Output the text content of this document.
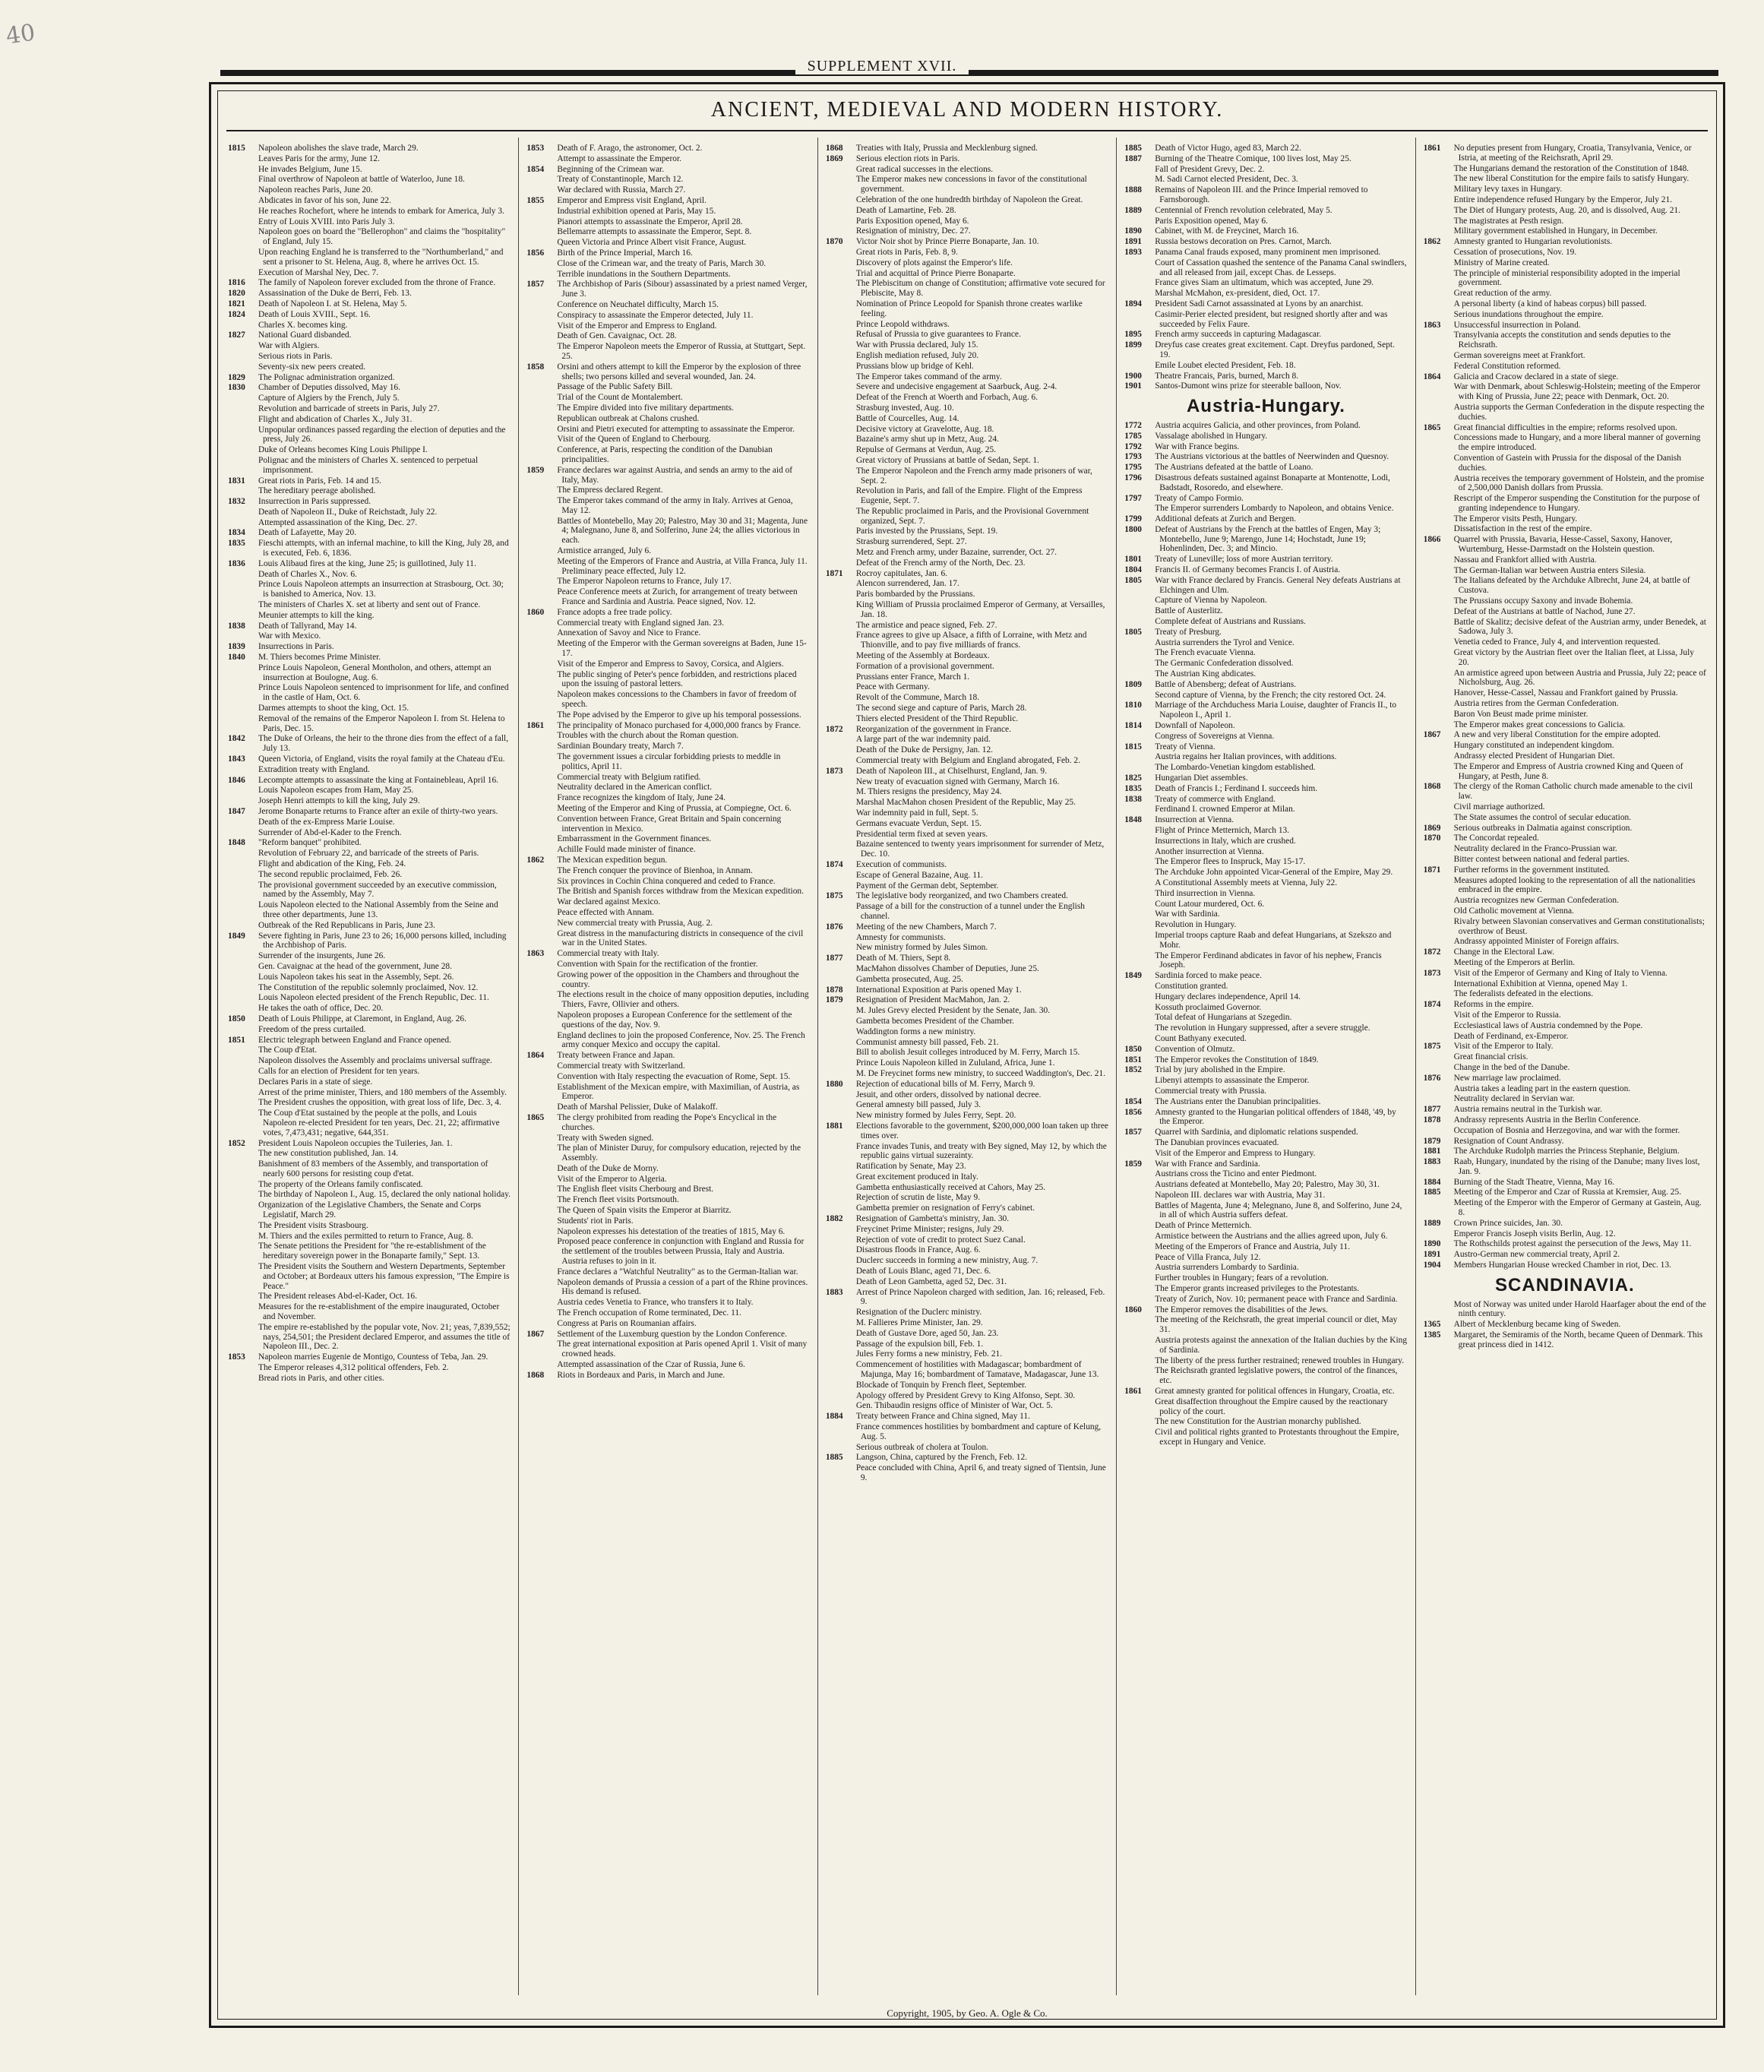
40
SUPPLEMENT XVII.
ANCIENT, MEDIEVAL AND MODERN HISTORY.
1815	Napoleon abolishes the slave trade, March 29.
Leaves Paris for the army, June 12.
He invades Belgium, June 15.
Final overthrow of Napoleon at battle of Waterloo, June 18.
Napoleon reaches Paris, June 20.
Abdicates in favor of his son, June 22.
He reaches Rochefort, where he intends to embark for America, July 3.
Entry of Louis XVIII. into Paris July 3.
Napoleon goes on board the "Bellerophon" and claims the "hospitality" of England, July 15.
Upon reaching England he is transferred to the "Northumberland," and sent a prisoner to St. Helena, Aug. 8, where he arrives Oct. 15.
Execution of Marshal Ney, Dec. 7.
1816	The family of Napoleon forever excluded from the throne of France.
1820	Assassination of the Duke de Berri, Feb. 13.
1821	Death of Napoleon I. at St. Helena, May 5.
1824	Death of Louis XVIII., Sept. 16.
Charles X. becomes king.
1827	National Guard disbanded.
War with Algiers.
Serious riots in Paris.
Seventy-six new peers created.
1829	The Polignac administration organized.
1830	Chamber of Deputies dissolved, May 16.
Capture of Algiers by the French, July 5.
Revolution and barricade of streets in Paris, July 27.
Flight and abdication of Charles X., July 31.
Unpopular ordinances passed regarding the election of deputies and the press, July 26.
Duke of Orleans becomes King Louis Philippe I.
Polignac and the ministers of Charles X. sentenced to perpetual imprisonment.
1831	Great riots in Paris, Feb. 14 and 15.
The hereditary peerage abolished.
1832	Insurrection in Paris suppressed.
Death of Napoleon II., Duke of Reichstadt, July 22.
Attempted assassination of the King, Dec. 27.
1834	Death of Lafayette, May 20.
1835	Fieschi attempts, with an infernal machine, to kill the King, July 28, and is executed, Feb. 6, 1836.
1836	Louis Alibaud fires at the king, June 25; is guillotined, July 11.
Death of Charles X., Nov. 6.
Prince Louis Napoleon attempts an insurrection at Strasbourg, Oct. 30; is banished to America, Nov. 13.
The ministers of Charles X. set at liberty and sent out of France.
Meunier attempts to kill the king.
1838	Death of Tallyrand, May 14.
War with Mexico.
1839	Insurrections in Paris.
1840	M. Thiers becomes Prime Minister.
Prince Louis Napoleon, General Montholon, and others, attempt an insurrection at Boulogne, Aug. 6.
Prince Louis Napoleon sentenced to imprisonment for life, and confined in the castle of Ham, Oct. 6.
Darmes attempts to shoot the king, Oct. 15.
Removal of the remains of the Emperor Napoleon I. from St. Helena to Paris, Dec. 15.
1842	The Duke of Orleans, the heir to the throne dies from the effect of a fall, July 13.
1843	Queen Victoria, of England, visits the royal family at the Chateau d'Eu.
Extradition treaty with England.
1846	Lecompte attempts to assassinate the king at Fontainebleau, April 16.
Louis Napoleon escapes from Ham, May 25.
Joseph Henri attempts to kill the king, July 29.
1847	Jerome Bonaparte returns to France after an exile of thirty-two years.
Death of the ex-Empress Marie Louise.
Surrender of Abd-el-Kader to the French.
1848	"Reform banquet" prohibited.
Revolution of February 22, and barricade of the streets of Paris.
Flight and abdication of the King, Feb. 24.
The second republic proclaimed, Feb. 26.
The provisional government succeeded by an executive commission, named by the Assembly, May 7.
Louis Napoleon elected to the National Assembly from the Seine and three other departments, June 13.
Outbreak of the Red Republicans in Paris, June 23.
1849	Severe fighting in Paris, June 23 to 26; 16,000 persons killed, including the Archbishop of Paris.
Surrender of the insurgents, June 26.
Gen. Cavaignac at the head of the government, June 28.
Louis Napoleon takes his seat in the Assembly, Sept. 26.
The Constitution of the republic solemnly proclaimed, Nov. 12.
Louis Napoleon elected president of the French Republic, Dec. 11.
He takes the oath of office, Dec. 20.
1850	Death of Louis Philippe, at Claremont, in England, Aug. 26.
Freedom of the press curtailed.
1851	Electric telegraph between England and France opened.
The Coup d'Etat.
Napoleon dissolves the Assembly and proclaims universal suffrage.
Calls for an election of President for ten years.
Declares Paris in a state of siege.
Arrest of the prime minister, Thiers, and 180 members of the Assembly.
The President crushes the opposition, with great loss of life, Dec. 3, 4.
The Coup d'Etat sustained by the people at the polls, and Louis Napoleon re-elected President for ten years, Dec. 21, 22; affirmative votes, 7,473,431; negative, 644,351.
1852	President Louis Napoleon occupies the Tuileries, Jan. 1.
The new constitution published, Jan. 14.
Banishment of 83 members of the Assembly, and transportation of nearly 600 persons for resisting coup d'etat.
The property of the Orleans family confiscated.
The birthday of Napoleon I., Aug. 15, declared the only national holiday.
Organization of the Legislative Chambers, the Senate and Corps Legislatif, March 29.
The President visits Strasbourg.
M. Thiers and the exiles permitted to return to France, Aug. 8.
The Senate petitions the President for "the re-establishment of the hereditary sovereign power in the Bonaparte family," Sept. 13.
The President visits the Southern and Western Departments, September and October; at Bordeaux utters his famous expression, "The Empire is Peace."
The President releases Abd-el-Kader, Oct. 16.
Measures for the re-establishment of the empire inaugurated, October and November.
The empire re-established by the popular vote, Nov. 21; yeas, 7,839,552; nays, 254,501; the President declared Emperor, and assumes the title of Napoleon III., Dec. 2.
1853	Napoleon marries Eugenie de Montigo, Countess of Teba, Jan. 29.
The Emperor releases 4,312 political offenders, Feb. 2.
Bread riots in Paris, and other cities.
1853	Death of F. Arago, the astronomer, Oct. 2.
Attempt to assassinate the Emperor.
1854	Beginning of the Crimean war.
Treaty of Constantinople, March 12.
War declared with Russia, March 27.
1855	Emperor and Empress visit England, April.
Industrial exhibition opened at Paris, May 15.
Pianori attempts to assassinate the Emperor, April 28.
Bellemarre attempts to assassinate the Emperor, Sept. 8.
Queen Victoria and Prince Albert visit France, August.
1856	Birth of the Prince Imperial, March 16.
Close of the Crimean war, and the treaty of Paris, March 30.
Terrible inundations in the Southern Departments.
1857	The Archbishop of Paris (Sibour) assassinated by a priest named Verger, June 3.
Conference on Neuchatel difficulty, March 15.
Conspiracy to assassinate the Emperor detected, July 11.
Visit of the Emperor and Empress to England.
Death of Gen. Cavaignac, Oct. 28.
The Emperor Napoleon meets the Emperor of Russia, at Stuttgart, Sept. 25.
1858	Orsini and others attempt to kill the Emperor by the explosion of three shells; two persons killed and several wounded, Jan. 24.
Passage of the Public Safety Bill.
Trial of the Count de Montalembert.
The Empire divided into five military departments.
Republican outbreak at Chalons crushed.
Orsini and Pietri executed for attempting to assassinate the Emperor.
Visit of the Queen of England to Cherbourg.
Conference, at Paris, respecting the condition of the Danubian principalities.
1859	France declares war against Austria, and sends an army to the aid of Italy, May.
The Empress declared Regent.
The Emperor takes command of the army in Italy. Arrives at Genoa, May 12.
Battles of Montebello, May 20; Palestro, May 30 and 31; Magenta, June 4; Malegnano, June 8, and Solferino, June 24; the allies victorious in each.
Armistice arranged, July 6.
Meeting of the Emperors of France and Austria, at Villa Franca, July 11. Preliminary peace effected, July 12.
The Emperor Napoleon returns to France, July 17.
Peace Conference meets at Zurich, for arrangement of treaty between France and Sardinia and Austria. Peace signed, Nov. 12.
1860	France adopts a free trade policy.
Commercial treaty with England signed Jan. 23.
Annexation of Savoy and Nice to France.
Meeting of the Emperor with the German sovereigns at Baden, June 15-17.
Visit of the Emperor and Empress to Savoy, Corsica, and Algiers.
The public singing of Peter's pence forbidden, and restrictions placed upon the issuing of pastoral letters.
Napoleon makes concessions to the Chambers in favor of freedom of speech.
The Pope advised by the Emperor to give up his temporal possessions.
1861	The principality of Monaco purchased for 4,000,000 francs by France.
Troubles with the church about the Roman question.
Sardinian Boundary treaty, March 7.
The government issues a circular forbidding priests to meddle in politics, April 11.
Commercial treaty with Belgium ratified.
Neutrality declared in the American conflict.
France recognizes the kingdom of Italy, June 24.
Meeting of the Emperor and King of Prussia, at Compiegne, Oct. 6.
Convention between France, Great Britain and Spain concerning intervention in Mexico.
Embarrassment in the Government finances.
Achille Fould made minister of finance.
1862	The Mexican expedition begun.
The French conquer the province of Bienhoa, in Annam.
Six provinces in Cochin China conquered and ceded to France.
The British and Spanish forces withdraw from the Mexican expedition.
War declared against Mexico.
Peace effected with Annam.
New commercial treaty with Prussia, Aug. 2.
Great distress in the manufacturing districts in consequence of the civil war in the United States.
1863	Commercial treaty with Italy.
Convention with Spain for the rectification of the frontier.
Growing power of the opposition in the Chambers and throughout the country.
The elections result in the choice of many opposition deputies, including Thiers, Favre, Ollivier and others.
Napoleon proposes a European Conference for the settlement of the questions of the day, Nov. 9.
England declines to join the proposed Conference, Nov. 25. The French army conquer Mexico and occupy the capital.
1864	Treaty between France and Japan.
Commercial treaty with Switzerland.
Convention with Italy respecting the evacuation of Rome, Sept. 15.
Establishment of the Mexican empire, with Maximilian, of Austria, as Emperor.
Death of Marshal Pelissier, Duke of Malakoff.
1865	The clergy prohibited from reading the Pope's Encyclical in the churches.
Treaty with Sweden signed.
The plan of Minister Duruy, for compulsory education, rejected by the Assembly.
Death of the Duke de Morny.
Visit of the Emperor to Algeria.
The English fleet visits Cherbourg and Brest.
The French fleet visits Portsmouth.
The Queen of Spain visits the Emperor at Biarritz.
Students' riot in Paris.
Napoleon expresses his detestation of the treaties of 1815, May 6.
Proposed peace conference in conjunction with England and Russia for the settlement of the troubles between Prussia, Italy and Austria. Austria refuses to join in it.
France declares a "Watchful Neutrality" as to the German-Italian war.
Napoleon demands of Prussia a cession of a part of the Rhine provinces. His demand is refused.
Austria cedes Venetia to France, who transfers it to Italy.
The French occupation of Rome terminated, Dec. 11.
Congress at Paris on Roumanian affairs.
1867	Settlement of the Luxemburg question by the London Conference.
The great international exposition at Paris opened April 1. Visit of many crowned heads.
Attempted assassination of the Czar of Russia, June 6.
1868	Riots in Bordeaux and Paris, in March and June.
1868	Treaties with Italy, Prussia and Mecklenburg signed.
1869	Serious election riots in Paris.
Great radical successes in the elections.
The Emperor makes new concessions in favor of the constitutional government.
Celebration of the one hundredth birthday of Napoleon the Great.
Death of Lamartine, Feb. 28.
Paris Exposition opened, May 6.
Resignation of ministry, Dec. 27.
1870	Victor Noir shot by Prince Pierre Bonaparte, Jan. 10.
Great riots in Paris, Feb. 8, 9.
Discovery of plots against the Emperor's life.
Trial and acquittal of Prince Pierre Bonaparte.
The Plebiscitum on change of Constitution; affirmative vote secured for Plebiscite, May 8.
Nomination of Prince Leopold for Spanish throne creates warlike feeling.
Prince Leopold withdraws.
Refusal of Prussia to give guarantees to France.
War with Prussia declared, July 15.
English mediation refused, July 20.
Prussians blow up bridge of Kehl.
The Emperor takes command of the army.
Severe and undecisive engagement at Saarbuck, Aug. 2-4.
Defeat of the French at Woerth and Forbach, Aug. 6.
Strasburg invested, Aug. 10.
Battle of Courcelles, Aug. 14.
Decisive victory at Gravelotte, Aug. 18.
Bazaine's army shut up in Metz, Aug. 24.
Repulse of Germans at Verdun, Aug. 25.
Great victory of Prussians at battle of Sedan, Sept. 1.
The Emperor Napoleon and the French army made prisoners of war, Sept. 2.
Revolution in Paris, and fall of the Empire. Flight of the Empress Eugenie, Sept. 7.
The Republic proclaimed in Paris, and the Provisional Government organized, Sept. 7.
Paris invested by the Prussians, Sept. 19.
Strasburg surrendered, Sept. 27.
Metz and French army, under Bazaine, surrender, Oct. 27.
Defeat of the French army of the North, Dec. 23.
1871	Rocroy capitulates, Jan. 6.
Alencon surrendered, Jan. 17.
Paris bombarded by the Prussians.
King William of Prussia proclaimed Emperor of Germany, at Versailles, Jan. 18.
The armistice and peace signed, Feb. 27.
France agrees to give up Alsace, a fifth of Lorraine, with Metz and Thionville, and to pay five milliards of francs.
Meeting of the Assembly at Bordeaux.
Formation of a provisional government.
Prussians enter France, March 1.
Peace with Germany.
Revolt of the Commune, March 18.
The second siege and capture of Paris, March 28.
Thiers elected President of the Third Republic.
1872	Reorganization of the government in France.
A large part of the war indemnity paid.
Death of the Duke de Persigny, Jan. 12.
Commercial treaty with Belgium and England abrogated, Feb. 2.
1873	Death of Napoleon III., at Chiselhurst, England, Jan. 9.
New treaty of evacuation signed with Germany, March 16.
M. Thiers resigns the presidency, May 24.
Marshal MacMahon chosen President of the Republic, May 25.
War indemnity paid in full, Sept. 5.
Germans evacuate Verdun, Sept. 15.
Presidential term fixed at seven years.
Bazaine sentenced to twenty years imprisonment for surrender of Metz, Dec. 10.
1874	Execution of communists.
Escape of General Bazaine, Aug. 11.
Payment of the German debt, September.
1875	The legislative body reorganized, and two Chambers created.
Passage of a bill for the construction of a tunnel under the English channel.
1876	Meeting of the new Chambers, March 7.
Amnesty for communists.
New ministry formed by Jules Simon.
1877	Death of M. Thiers, Sept 8.
MacMahon dissolves Chamber of Deputies, June 25.
Gambetta prosecuted, Aug. 25.
1878	International Exposition at Paris opened May 1.
1879	Resignation of President MacMahon, Jan. 2.
M. Jules Grevy elected President by the Senate, Jan. 30.
Gambetta becomes President of the Chamber.
Waddington forms a new ministry.
Communist amnesty bill passed, Feb. 21.
Bill to abolish Jesuit colleges introduced by M. Ferry, March 15.
Prince Louis Napoleon killed in Zululand, Africa, June 1.
M. De Freycinet forms new ministry, to succeed Waddington's, Dec. 21.
1880	Rejection of educational bills of M. Ferry, March 9.
Jesuit, and other orders, dissolved by national decree.
General amnesty bill passed, July 3.
New ministry formed by Jules Ferry, Sept. 20.
1881	Elections favorable to the government, $200,000,000 loan taken up three times over.
France invades Tunis, and treaty with Bey signed, May 12, by which the republic gains virtual suzerainty.
Ratification by Senate, May 23.
Great excitement produced in Italy.
Gambetta enthusiastically received at Cahors, May 25.
Rejection of scrutin de liste, May 9.
Gambetta premier on resignation of Ferry's cabinet.
1882	Resignation of Gambetta's ministry, Jan. 30.
Freycinet Prime Minister; resigns, July 29.
Rejection of vote of credit to protect Suez Canal.
Disastrous floods in France, Aug. 6.
Duclerc succeeds in forming a new ministry, Aug. 7.
Death of Louis Blanc, aged 71, Dec. 6.
Death of Leon Gambetta, aged 52, Dec. 31.
1883	Arrest of Prince Napoleon charged with sedition, Jan. 16; released, Feb. 9.
Resignation of the Duclerc ministry.
M. Fallieres Prime Minister, Jan. 29.
Death of Gustave Dore, aged 50, Jan. 23.
Passage of the expulsion bill, Feb. 1.
Jules Ferry forms a new ministry, Feb. 21.
Commencement of hostilities with Madagascar; bombardment of Majunga, May 16; bombardment of Tamatave, Madagascar, June 13.
Blockade of Tonquin by French fleet, September.
Apology offered by President Grevy to King Alfonso, Sept. 30.
Gen. Thibaudin resigns office of Minister of War, Oct. 5.
1884	Treaty between France and China signed, May 11.
France commences hostilities by bombardment and capture of Kelung, Aug. 5.
Serious outbreak of cholera at Toulon.
1885	Langson, China, captured by the French, Feb. 12.
Peace concluded with China, April 6, and treaty signed of Tientsin, June 9.
1885	Death of Victor Hugo, aged 83, March 22.
1887	Burning of the Theatre Comique, 100 lives lost, May 25.
Fall of President Grevy, Dec. 2.
M. Sadi Carnot elected President, Dec. 3.
1888	Remains of Napoleon III. and the Prince Imperial removed to Farnsborough.
1889	Centennial of French revolution celebrated, May 5.
Paris Exposition opened, May 6.
1890	Cabinet, with M. de Freycinet, March 16.
1891	Russia bestows decoration on Pres. Carnot, March.
1893	Panama Canal frauds exposed, many prominent men imprisoned.
Court of Cassation quashed the sentence of the Panama Canal swindlers, and all released from jail, except Chas. de Lesseps.
France gives Siam an ultimatum, which was accepted, June 29.
Marshal McMahon, ex-president, died, Oct. 17.
1894	President Sadi Carnot assassinated at Lyons by an anarchist.
Casimir-Perier elected president, but resigned shortly after and was succeeded by Felix Faure.
1895	French army succeeds in capturing Madagascar.
1899	Dreyfus case creates great excitement. Capt. Dreyfus pardoned, Sept. 19.
Emile Loubet elected President, Feb. 18.
1900	Theatre Francais, Paris, burned, March 8.
1901	Santos-Dumont wins prize for steerable balloon, Nov.
Austria-Hungary.
1772	Austria acquires Galicia, and other provinces, from Poland.
1785	Vassalage abolished in Hungary.
1792	War with France begins.
1793	The Austrians victorious at the battles of Neerwinden and Quesnoy.
1795	The Austrians defeated at the battle of Loano.
1796	Disastrous defeats sustained against Bonaparte at Montenotte, Lodi, Badstadt, Rosoredo, and elsewhere.
1797	Treaty of Campo Formio.
The Emperor surrenders Lombardy to Napoleon, and obtains Venice.
1799	Additional defeats at Zurich and Bergen.
1800	Defeat of Austrians by the French at the battles of Engen, May 3; Montebello, June 9; Marengo, June 14; Hochstadt, June 19; Hohenlinden, Dec. 3; and Mincio.
1801	Treaty of Luneville; loss of more Austrian territory.
1804	Francis II. of Germany becomes Francis I. of Austria.
1805	War with France declared by Francis. General Ney defeats Austrians at Elchingen and Ulm.
Capture of Vienna by Napoleon.
Battle of Austerlitz.
Complete defeat of Austrians and Russians.
1805	Treaty of Presburg.
Austria surrenders the Tyrol and Venice.
The French evacuate Vienna.
The Germanic Confederation dissolved.
The Austrian King abdicates.
1809	Battle of Abensberg; defeat of Austrians.
Second capture of Vienna, by the French; the city restored Oct. 24.
1810	Marriage of the Archduchess Maria Louise, daughter of Francis II., to Napoleon I., April 1.
1814	Downfall of Napoleon.
Congress of Sovereigns at Vienna.
1815	Treaty of Vienna.
Austria regains her Italian provinces, with additions.
The Lombardo-Venetian kingdom established.
1825	Hungarian Diet assembles.
1835	Death of Francis I.; Ferdinand I. succeeds him.
1838	Treaty of commerce with England.
Ferdinand I. crowned Emperor at Milan.
1848	Insurrection at Vienna.
Flight of Prince Metternich, March 13.
Insurrections in Italy, which are crushed.
Another insurrection at Vienna.
The Emperor flees to Inspruck, May 15-17.
The Archduke John appointed Vicar-General of the Empire, May 29.
A Constitutional Assembly meets at Vienna, July 22.
Third insurrection in Vienna.
Count Latour murdered, Oct. 6.
War with Sardinia.
Revolution in Hungary.
Imperial troops capture Raab and defeat Hungarians, at Szekszo and Mohr.
The Emperor Ferdinand abdicates in favor of his nephew, Francis Joseph.
1849	Sardinia forced to make peace.
Constitution granted.
Hungary declares independence, April 14.
Kossuth proclaimed Governor.
Total defeat of Hungarians at Szegedin.
The revolution in Hungary suppressed, after a severe struggle.
Count Bathyany executed.
1850	Convention of Olmutz.
1851	The Emperor revokes the Constitution of 1849.
1852	Trial by jury abolished in the Empire.
Libenyi attempts to assassinate the Emperor.
Commercial treaty with Prussia.
1854	The Austrians enter the Danubian principalities.
1856	Amnesty granted to the Hungarian political offenders of 1848, '49, by the Emperor.
1857	Quarrel with Sardinia, and diplomatic relations suspended.
The Danubian provinces evacuated.
Visit of the Emperor and Empress to Hungary.
1859	War with France and Sardinia.
Austrians cross the Ticino and enter Piedmont.
Austrians defeated at Montebello, May 20; Palestro, May 30, 31.
Napoleon III. declares war with Austria, May 31.
Battles of Magenta, June 4; Melegnano, June 8, and Solferino, June 24, in all of which Austria suffers defeat.
Death of Prince Metternich.
Armistice between the Austrians and the allies agreed upon, July 6.
Meeting of the Emperors of France and Austria, July 11.
Peace of Villa Franca, July 12.
Austria surrenders Lombardy to Sardinia.
Further troubles in Hungary; fears of a revolution.
The Emperor grants increased privileges to the Protestants.
Treaty of Zurich, Nov. 10; permanent peace with France and Sardinia.
1860	The Emperor removes the disabilities of the Jews.
The meeting of the Reichsrath, the great imperial council or diet, May 31.
Austria protests against the annexation of the Italian duchies by the King of Sardinia.
The liberty of the press further restrained; renewed troubles in Hungary.
The Reichsrath granted legislative powers, the control of the finances, etc.
1861	Great amnesty granted for political offences in Hungary, Croatia, etc.
Great disaffection throughout the Empire caused by the reactionary policy of the court.
The new Constitution for the Austrian monarchy published.
Civil and political rights granted to Protestants throughout the Empire, except in Hungary and Venice.
1861	No deputies present from Hungary, Croatia, Transylvania, Venice, or Istria, at meeting of the Reichsrath, April 29.
The Hungarians demand the restoration of the Constitution of 1848.
The new liberal Constitution for the empire fails to satisfy Hungary.
Military levy taxes in Hungary.
Entire independence refused Hungary by the Emperor, July 21.
The Diet of Hungary protests, Aug. 20, and is dissolved, Aug. 21.
The magistrates at Pesth resign.
Military government established in Hungary, in December.
1862	Amnesty granted to Hungarian revolutionists.
Cessation of prosecutions, Nov. 19.
Ministry of Marine created.
The principle of ministerial responsibility adopted in the imperial government.
Great reduction of the army.
A personal liberty (a kind of habeas corpus) bill passed.
Serious inundations throughout the empire.
1863	Unsuccessful insurrection in Poland.
Transylvania accepts the constitution and sends deputies to the Reichsrath.
German sovereigns meet at Frankfort.
Federal Constitution reformed.
1864	Galicia and Cracow declared in a state of siege.
War with Denmark, about Schleswig-Holstein; meeting of the Emperor with King of Prussia, June 22; peace with Denmark, Oct. 20.
Austria supports the German Confederation in the dispute respecting the duchies.
1865	Great financial difficulties in the empire; reforms resolved upon.
Concessions made to Hungary, and a more liberal manner of governing the empire introduced.
Convention of Gastein with Prussia for the disposal of the Danish duchies.
Austria receives the temporary government of Holstein, and the promise of 2,500,000 Danish dollars from Prussia.
Rescript of the Emperor suspending the Constitution for the purpose of granting independence to Hungary.
The Emperor visits Pesth, Hungary.
Dissatisfaction in the rest of the empire.
1866	Quarrel with Prussia, Bavaria, Hesse-Cassel, Saxony, Hanover, Wurtemburg, Hesse-Darmstadt on the Holstein question.
Nassau and Frankfort allied with Austria.
The German-Italian war between Austria enters Silesia.
The Italians defeated by the Archduke Albrecht, June 24, at battle of Custova.
The Prussians occupy Saxony and invade Bohemia.
Defeat of the Austrians at battle of Nachod, June 27.
Battle of Skalitz; decisive defeat of the Austrian army, under Benedek, at Sadowa, July 3.
Venetia ceded to France, July 4, and intervention requested.
Great victory by the Austrian fleet over the Italian fleet, at Lissa, July 20.
An armistice agreed upon between Austria and Prussia, July 22; peace of Nicholsburg, Aug. 26.
Hanover, Hesse-Cassel, Nassau and Frankfort gained by Prussia.
Austria retires from the German Confederation.
Baron Von Beust made prime minister.
The Emperor makes great concessions to Galicia.
1867	A new and very liberal Constitution for the empire adopted.
Hungary constituted an independent kingdom.
Andrassy elected President of Hungarian Diet.
The Emperor and Empress of Austria crowned King and Queen of Hungary, at Pesth, June 8.
1868	The clergy of the Roman Catholic church made amenable to the civil law.
Civil marriage authorized.
The State assumes the control of secular education.
1869	Serious outbreaks in Dalmatia against conscription.
1870	The Concordat repealed.
Neutrality declared in the Franco-Prussian war.
Bitter contest between national and federal parties.
1871	Further reforms in the government instituted.
Measures adopted looking to the representation of all the nationalities embraced in the empire.
Austria recognizes new German Confederation.
Old Catholic movement at Vienna.
Rivalry between Slavonian conservatives and German constitutionalists; overthrow of Beust.
Andrassy appointed Minister of Foreign affairs.
1872	Change in the Electoral Law.
Meeting of the Emperors at Berlin.
1873	Visit of the Emperor of Germany and King of Italy to Vienna.
International Exhibition at Vienna, opened May 1.
The federalists defeated in the elections.
1874	Reforms in the empire.
Visit of the Emperor to Russia.
Ecclesiastical laws of Austria condemned by the Pope.
Death of Ferdinand, ex-Emperor.
1875	Visit of the Emperor to Italy.
Great financial crisis.
Change in the bed of the Danube.
1876	New marriage law proclaimed.
Austria takes a leading part in the eastern question.
Neutrality declared in Servian war.
1877	Austria remains neutral in the Turkish war.
1878	Andrassy represents Austria in the Berlin Conference.
Occupation of Bosnia and Herzegovina, and war with the former.
1879	Resignation of Count Andrassy.
1881	The Archduke Rudolph marries the Princess Stephanie, Belgium.
1883	Raab, Hungary, inundated by the rising of the Danube; many lives lost, Jan. 9.
1884	Burning of the Stadt Theatre, Vienna, May 16.
1885	Meeting of the Emperor and Czar of Russia at Kremsier, Aug. 25.
Meeting of the Emperor with the Emperor of Germany at Gastein, Aug. 8.
1889	Crown Prince suicides, Jan. 30.
Emperor Francis Joseph visits Berlin, Aug. 12.
1890	The Rothschilds protest against the persecution of the Jews, May 11.
1891	Austro-German new commercial treaty, April 2.
1904	Members Hungarian House wrecked Chamber in riot, Dec. 13.
SCANDINAVIA.
Most of Norway was united under Harold Haarfager about the end of the ninth century.
1365	Albert of Mecklenburg became king of Sweden.
1385	Margaret, the Semiramis of the North, became Queen of Denmark. This great princess died in 1412.
Copyright, 1905, by Geo. A. Ogle & Co.
